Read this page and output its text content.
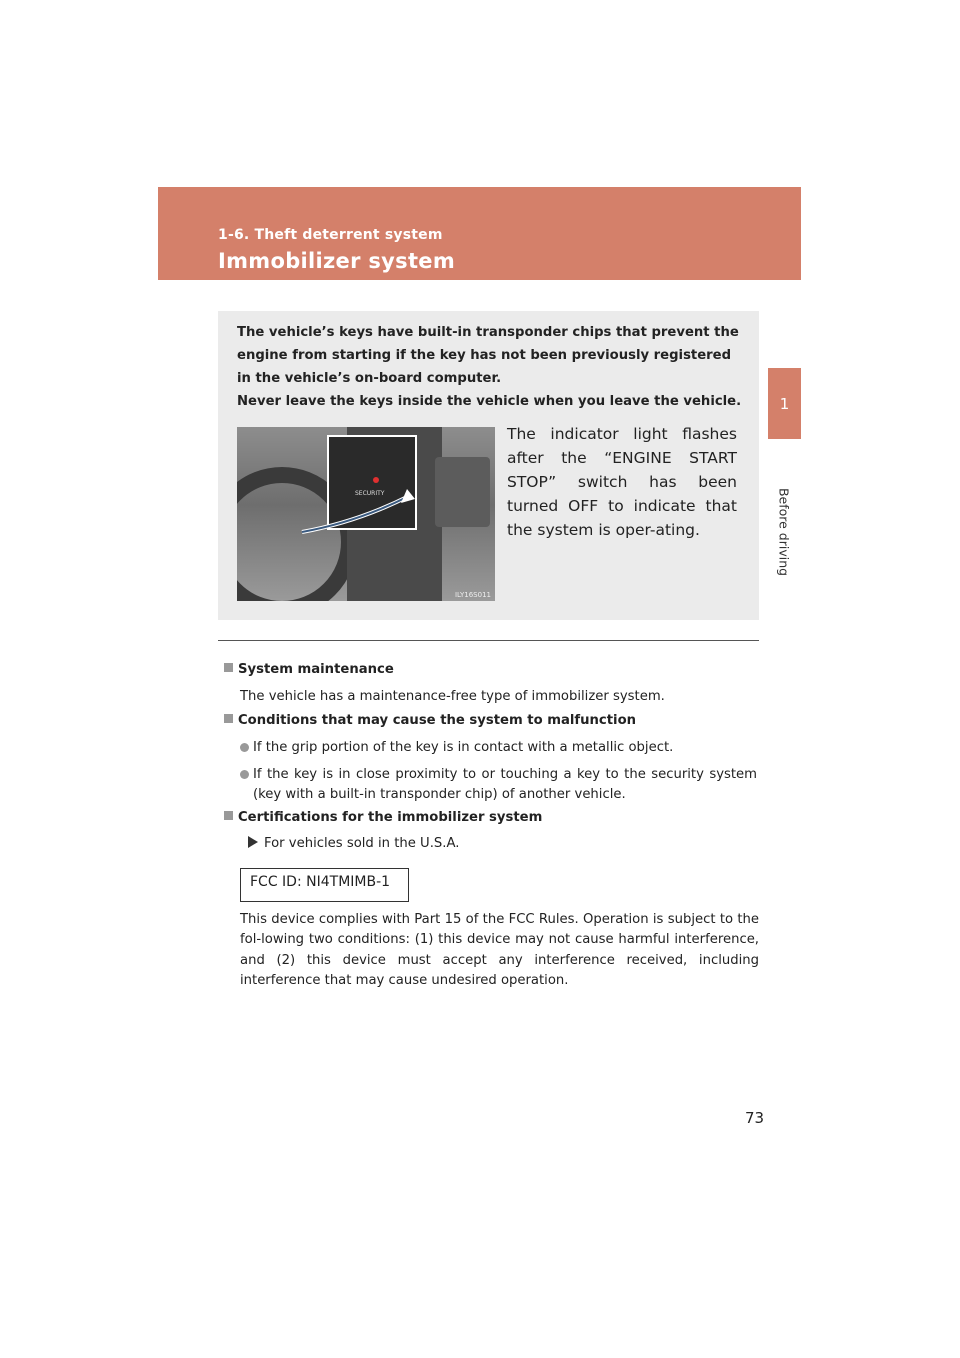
1-6. Theft deterrent system
Immobilizer system
1
Before driving
The vehicle’s keys have built-in transponder chips that prevent the engine from starting if the key has not been previously registered in the vehicle’s on-board computer.
Never leave the keys inside the vehicle when you leave the vehicle.
SECURITY
ILY16S011
The indicator light flashes after the “ENGINE START STOP” switch has been turned OFF to indicate that the system is oper-ating.
System maintenance
The vehicle has a maintenance-free type of immobilizer system.
Conditions that may cause the system to malfunction
If the grip portion of the key is in contact with a metallic object.
If the key is in close proximity to or touching a key to the security system (key with a built-in transponder chip) of another vehicle.
Certifications for the immobilizer system
For vehicles sold in the U.S.A.
FCC ID: NI4TMIMB-1
This device complies with Part 15 of the FCC Rules. Operation is subject to the fol-lowing two conditions: (1) this device may not cause harmful interference, and (2) this device must accept any interference received, including interference that may cause undesired operation.
73
